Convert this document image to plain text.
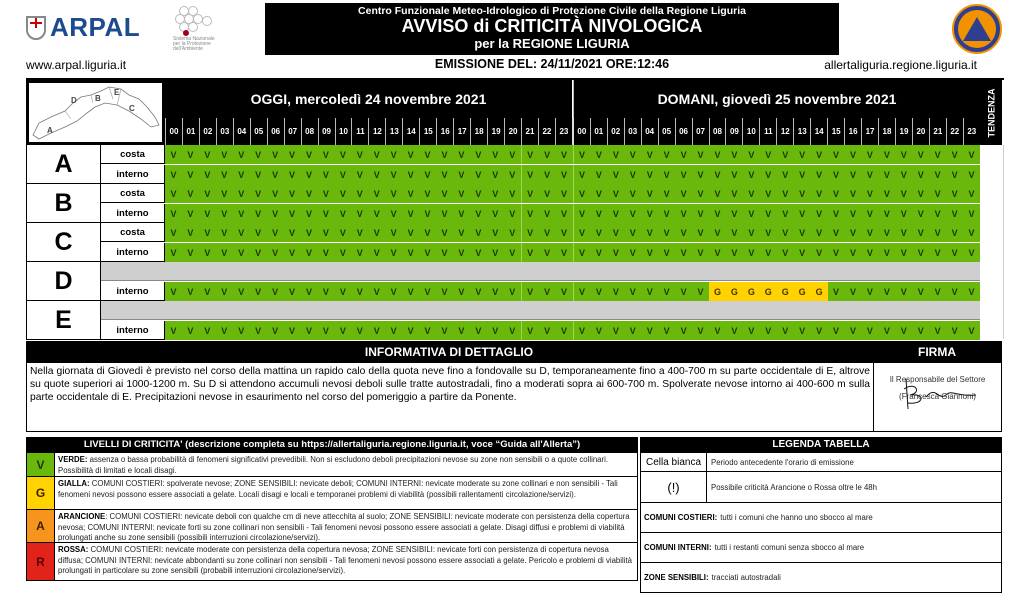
ARPAL	Sistema Nazionale
per la Protezione
dell'Ambiente
www.arpal.liguria.it
Centro Funzionale Meteo-Idrologico di Protezione Civile della Regione Liguria
AVVISO di CRITICITÀ NIVOLOGICA
per la REGIONE LIGURIA
EMISSIONE DEL: 24/11/2021 ORE:12:46	allertaliguria.regione.liguria.it
A
B
C
D
E	OGGI, mercoledì 24 novembre 2021	DOMANI, giovedì 25 novembre 2021	TENDENZA
00	01	02	03	04	05	06	07	08	09	10	11	12	13	14	15	16	17	18	19	20	21	22	23	00	01	02	03	04	05	06	07	08	09	10	11	12	13	14	15	16	17	18	19	20	21	22	23
A	costa	V	V	V	V	V	V	V	V	V	V	V	V	V	V	V	V	V	V	V	V	V	V	V	V	V	V	V	V	V	V	V	V	V	V	V	V	V	V	V	V	V	V	V	V	V	V	V	V
interno	V	V	V	V	V	V	V	V	V	V	V	V	V	V	V	V	V	V	V	V	V	V	V	V	V	V	V	V	V	V	V	V	V	V	V	V	V	V	V	V	V	V	V	V	V	V	V	V
B	costa	V	V	V	V	V	V	V	V	V	V	V	V	V	V	V	V	V	V	V	V	V	V	V	V	V	V	V	V	V	V	V	V	V	V	V	V	V	V	V	V	V	V	V	V	V	V	V	V
interno	V	V	V	V	V	V	V	V	V	V	V	V	V	V	V	V	V	V	V	V	V	V	V	V	V	V	V	V	V	V	V	V	V	V	V	V	V	V	V	V	V	V	V	V	V	V	V	V
C	costa	V	V	V	V	V	V	V	V	V	V	V	V	V	V	V	V	V	V	V	V	V	V	V	V	V	V	V	V	V	V	V	V	V	V	V	V	V	V	V	V	V	V	V	V	V	V	V	V
interno	V	V	V	V	V	V	V	V	V	V	V	V	V	V	V	V	V	V	V	V	V	V	V	V	V	V	V	V	V	V	V	V	V	V	V	V	V	V	V	V	V	V	V	V	V	V	V	V
D	interno	V	V	V	V	V	V	V	V	V	V	V	V	V	V	V	V	V	V	V	V	V	V	V	V	V	V	V	V	V	V	V	V	G	G	G	G	G	G	G	V	V	V	V	V	V	V	V	V
E	interno	V	V	V	V	V	V	V	V	V	V	V	V	V	V	V	V	V	V	V	V	V	V	V	V	V	V	V	V	V	V	V	V	V	V	V	V	V	V	V	V	V	V	V	V	V	V	V	V
INFORMATIVA DI DETTAGLIO	FIRMA
Nella giornata di Giovedì è previsto nel corso della mattina un rapido calo della quota neve fino a fondovalle su D, temporaneamente fino a 400-700 m su parte occidentale di E, altrove su quote superiori ai 1000-1200 m. Su D si attendono accumuli nevosi deboli sulle tratte autostradali, fino a moderati sopra ai 600-700 m. Spolverate nevose intorno ai 400-600 m sulla parte occidentale di E. Precipitazioni nevose in esaurimento nel corso del pomeriggio a partire da Ponente.
Il Responsabile del Settore
(Francesca Giannoni)
LIVELLI DI CRITICITA' (descrizione completa su https://allertaliguria.regione.liguria.it, voce “Guida all'Allerta”)
V	VERDE: assenza o bassa probabilità di fenomeni significativi prevedibili. Non si escludono deboli precipitazioni nevose su zone non sensibili o a quote collinari. Possibilità di limitati e locali disagi.
G
GIALLA: COMUNI COSTIERI: spolverate nevose; ZONE SENSIBILI: nevicate deboli; COMUNI INTERNI: nevicate moderate su zone collinari e non sensibili - Tali fenomeni nevosi possono essere associati a gelate. Locali disagi e locali e temporanei problemi di viabilità (possibili rallentamenti circolazione/servizi).
A
ARANCIONE: COMUNI COSTIERI: nevicate deboli con qualche cm di neve attecchita al suolo; ZONE SENSIBILI: nevicate moderate con persistenza della copertura nevosa; COMUNI INTERNI: nevicate forti su zone collinari non sensibili - Tali fenomeni nevosi possono essere associati a gelate. Disagi diffusi e problemi di viabilità prolungati anche su zone sensibili (possibili interruzioni circolazione/servizi).
R
ROSSA: COMUNI COSTIERI: nevicate moderate con persistenza della copertura nevosa; ZONE SENSIBILI: nevicate forti con persistenza di copertura nevosa diffusa; COMUNI INTERNI: nevicate abbondanti su zone collinari non sensibili - Tali fenomeni nevosi possono essere associati a gelate. Pericolo e problemi di viabilità prolungati in particolare su zone sensibili (probabili interruzioni circolazione/servizi).
LEGENDA TABELLA
Cella bianca	Periodo antecedente l'orario di emissione
(!)	Possibile criticità Arancione o Rossa oltre le 48h
COMUNI COSTIERI: tutti i comuni che hanno uno sbocco al mare
COMUNI INTERNI: tutti i restanti comuni senza sbocco al mare
ZONE SENSIBILI: tracciati autostradali
